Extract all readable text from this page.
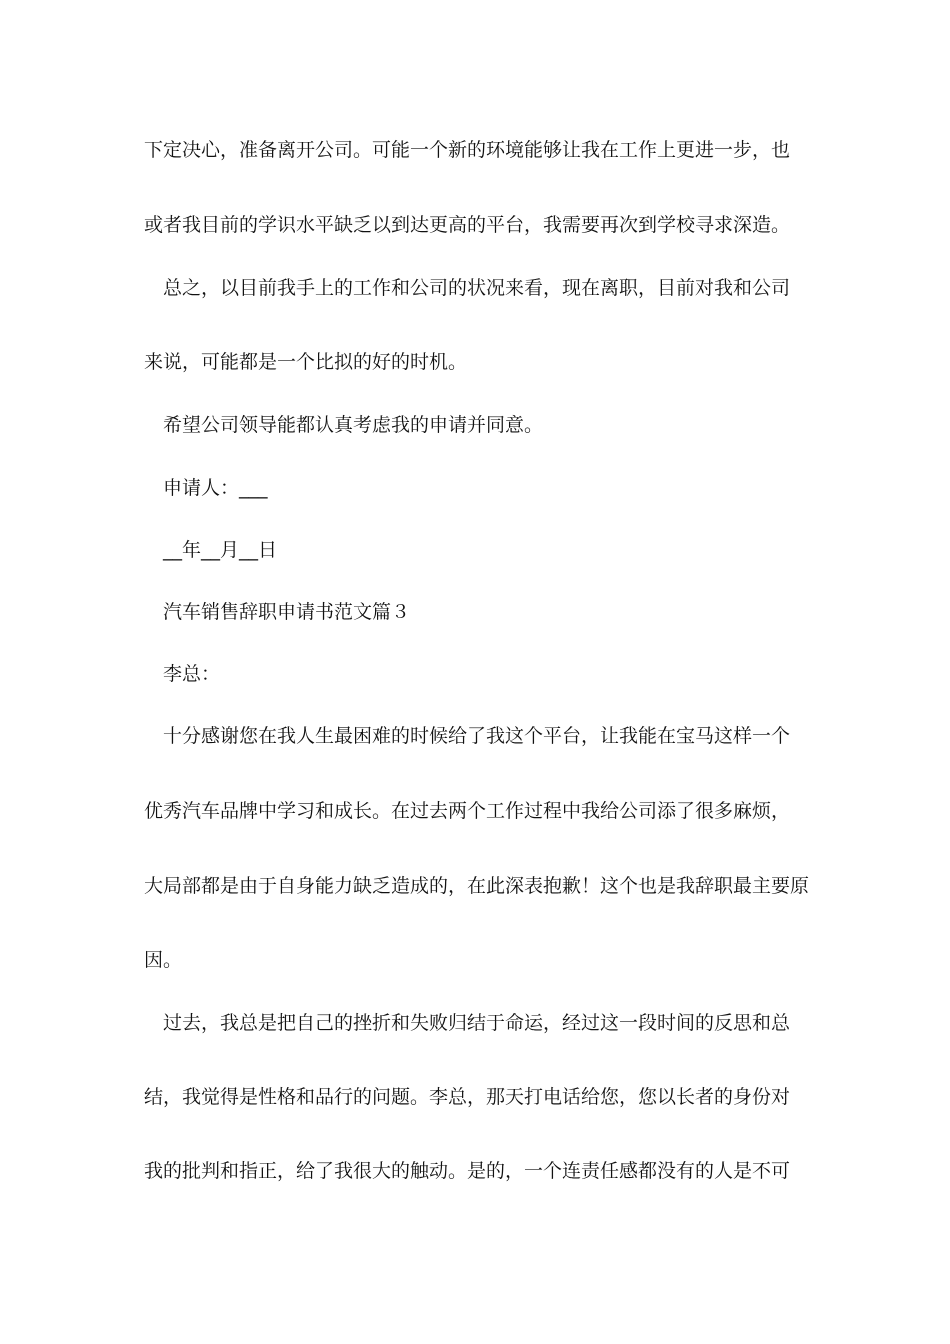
下定决心，准备离开公司。可能一个新的环境能够让我在工作上更进一步，也
或者我目前的学识水平缺乏以到达更高的平台，我需要再次到学校寻求深造。
总之，以目前我手上的工作和公司的状况来看，现在离职，目前对我和公司
来说，可能都是一个比拟的好的时机。
希望公司领导能都认真考虑我的申请并同意。
申请人：___
__年__月__日
汽车销售辞职申请书范文篇３
李总：
十分感谢您在我人生最困难的时候给了我这个平台，让我能在宝马这样一个
优秀汽车品牌中学习和成长。在过去两个工作过程中我给公司添了很多麻烦，
大局部都是由于自身能力缺乏造成的，在此深表抱歉！这个也是我辞职最主要原
因。
过去，我总是把自己的挫折和失败归结于命运，经过这一段时间的反思和总
结，我觉得是性格和品行的问题。李总，那天打电话给您，您以长者的身份对
我的批判和指正，给了我很大的触动。是的，一个连责任感都没有的人是不可
